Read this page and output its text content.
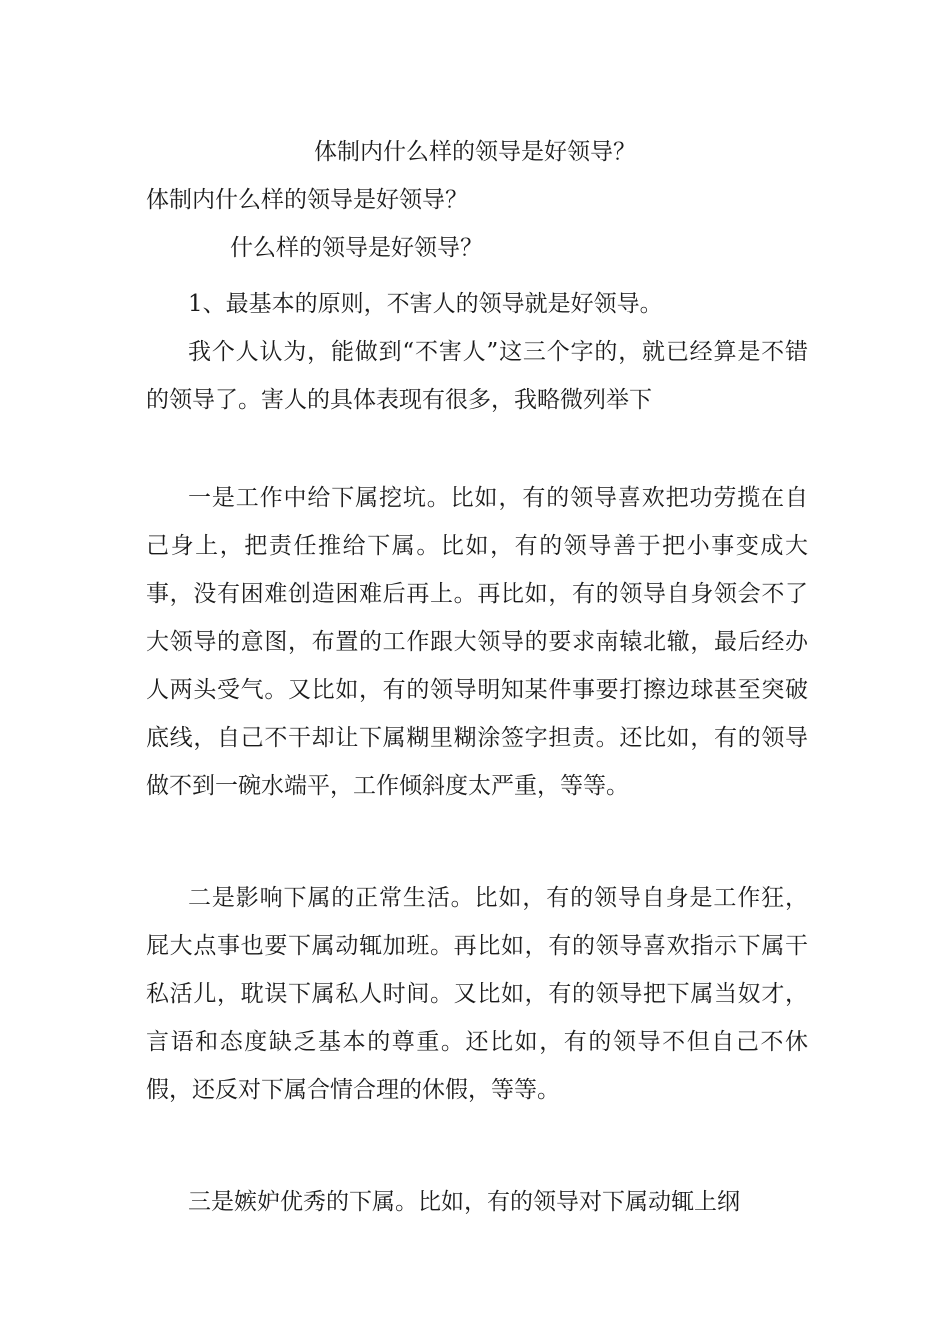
体制内什么样的领导是好领导？
体制内什么样的领导是好领导？

什么样的领导是好领导？

1、最基本的原则，不害人的领导就是好领导。

我个人认为，能做到“不害人”这三个字的，就已经算是不错的领导了。害人的具体表现有很多，我略微列举下

一是工作中给下属挖坑。比如，有的领导喜欢把功劳揽在自己身上，把责任推给下属。比如，有的领导善于把小事变成大事，没有困难创造困难后再上。再比如，有的领导自身领会不了大领导的意图，布置的工作跟大领导的要求南辕北辙，最后经办人两头受气。又比如，有的领导明知某件事要打擦边球甚至突破底线，自己不干却让下属糊里糊涂签字担责。还比如，有的领导做不到一碗水端平，工作倾斜度太严重，等等。

二是影响下属的正常生活。比如，有的领导自身是工作狂，屁大点事也要下属动辄加班。再比如，有的领导喜欢指示下属干私活儿，耽误下属私人时间。又比如，有的领导把下属当奴才，言语和态度缺乏基本的尊重。还比如，有的领导不但自己不休假，还反对下属合情合理的休假，等等。

三是嫉妒优秀的下属。比如，有的领导对下属动辄上纲
